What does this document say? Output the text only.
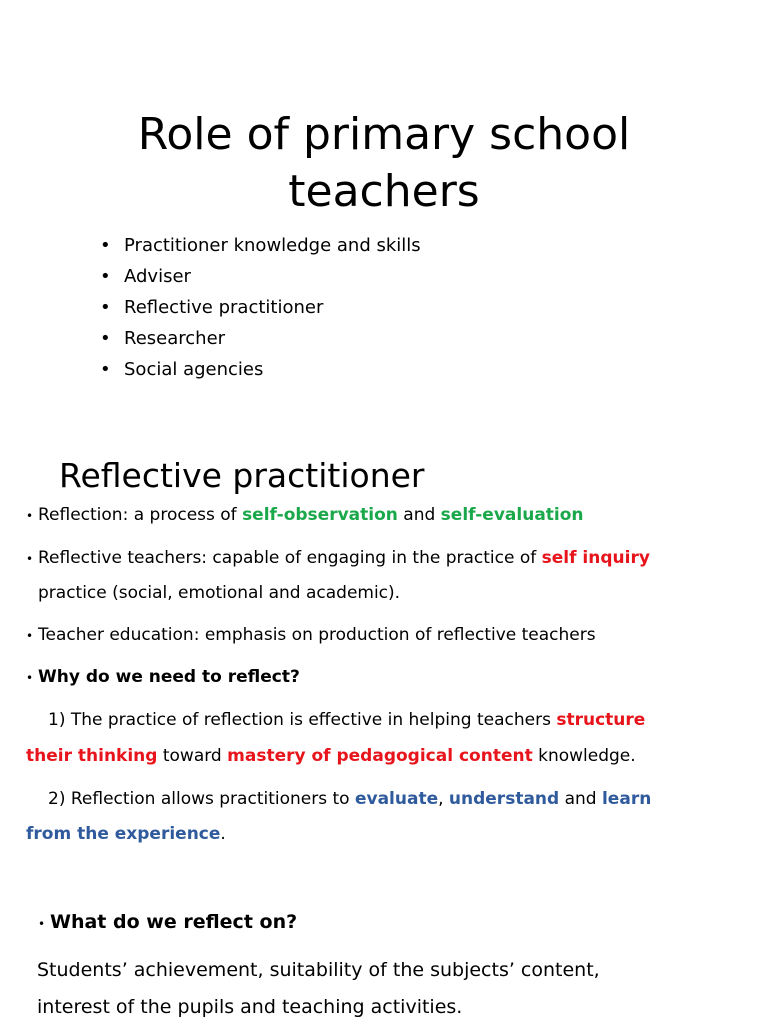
Role of primary school
teachers
• Practitioner knowledge and skills
• Adviser
• Reflective practitioner
• Researcher
• Social agencies
Reflective practitioner
• Reflection: a process of self-observation and self-evaluation
• Reflective teachers: capable of engaging in the practice of self inquiry
practice (social, emotional and academic).
• Teacher education: emphasis on production of reflective teachers
• Why do we need to reflect?
1) The practice of reflection is effective in helping teachers structure
their thinking toward mastery of pedagogical content knowledge.
2) Reflection allows practitioners to evaluate, understand and learn
from the experience.
• What do we reflect on?
Students’ achievement, suitability of the subjects’ content,
interest of the pupils and teaching activities.
